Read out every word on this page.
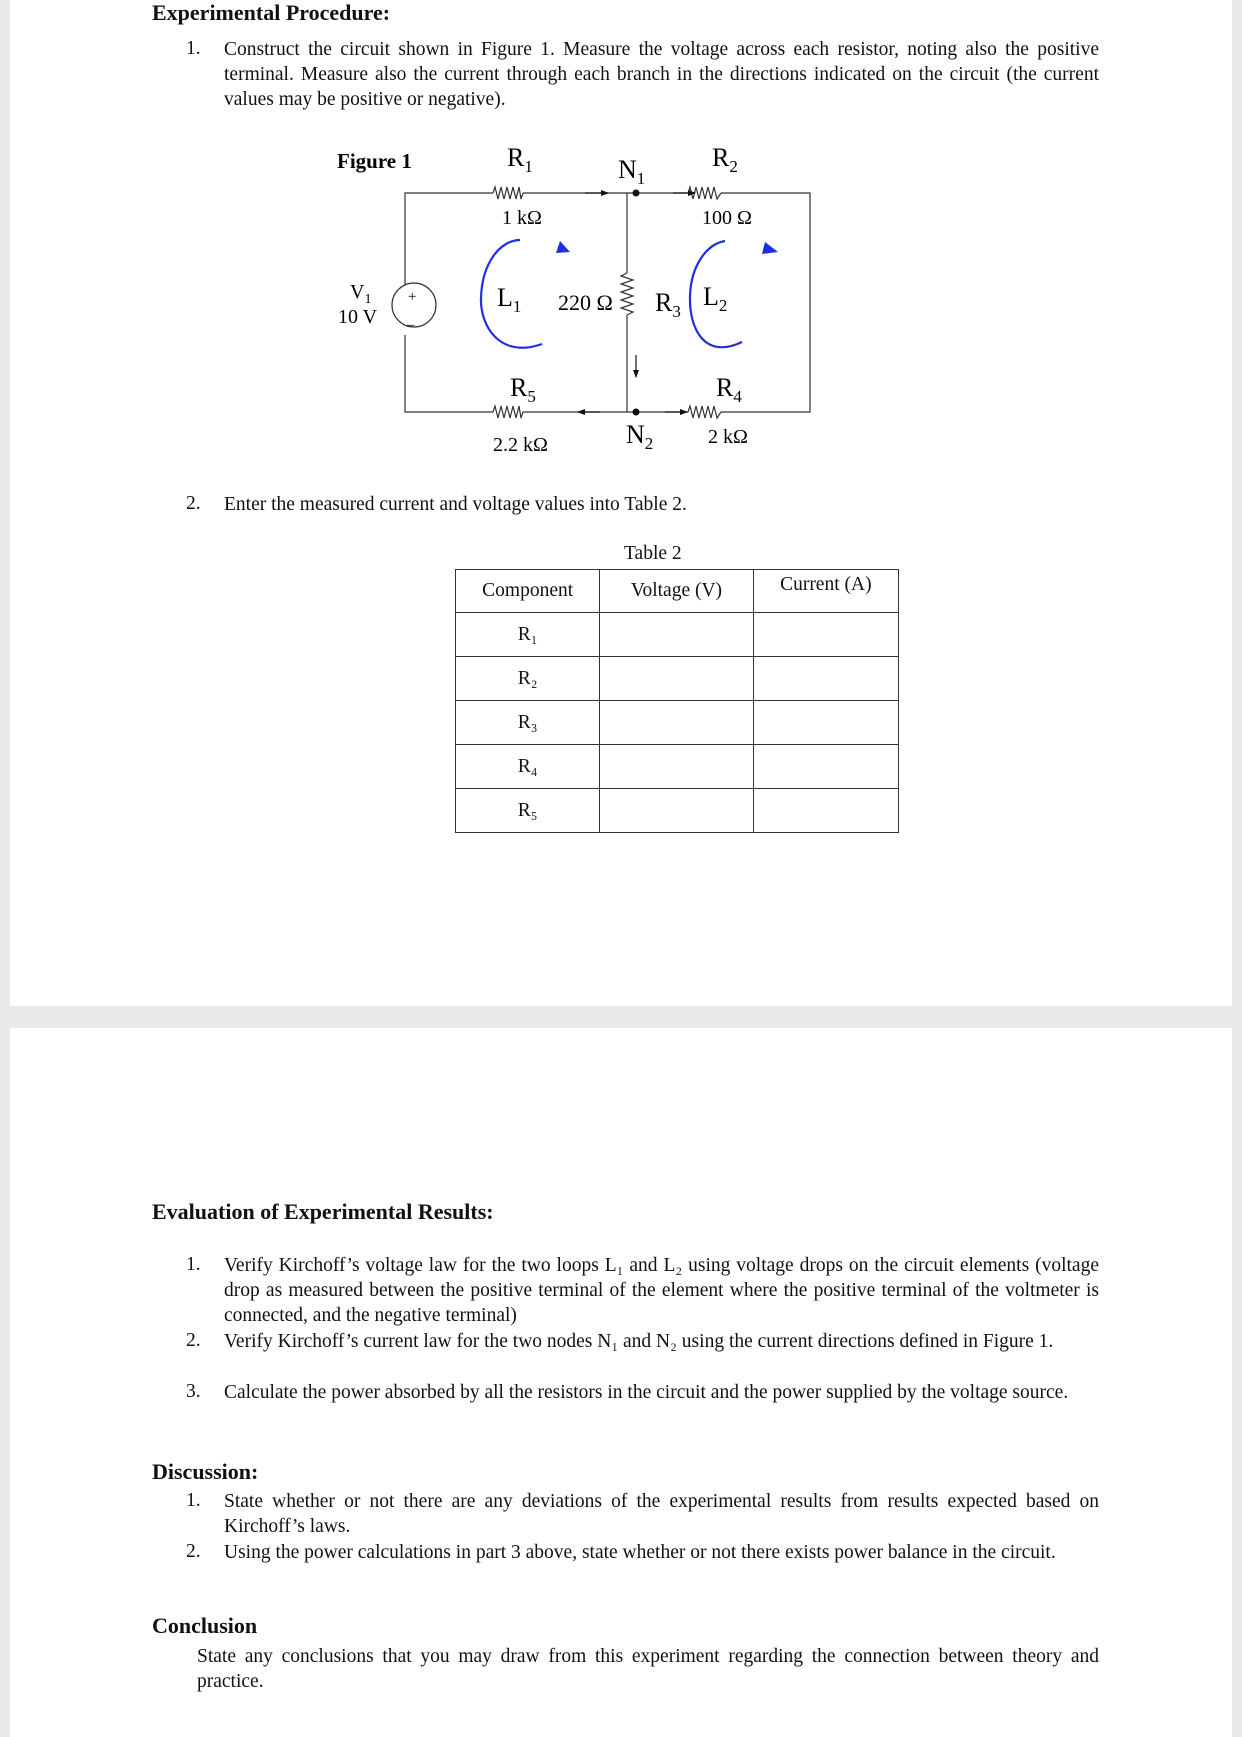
Experimental Procedure:
1. Construct the circuit shown in Figure 1. Measure the voltage across each resistor, noting also the positive terminal. Measure also the current through each branch in the directions indicated on the circuit (the current values may be positive or negative).
Figure 1
+
–
$R_1$
1 kΩ
$N_1$
$R_2$
100 Ω
$V_1$
10 V
$L_1$ 220 Ω $R_3$
$L_2$
$R_5$
2.2 kΩ
$R_4$
2 kΩ
$N_2$
2. Enter the measured current and voltage values into Table 2.
Table 2
Component	Voltage (V)	Current (A)
R₁		
R₂		
R₃		
R₄		
R₅		
Evaluation of Experimental Results:
1. Verify Kirchoff’s voltage law for the two loops L₁ and L₂ using voltage drops on the circuit elements (voltage drop as measured between the positive terminal of the element where the positive terminal of the voltmeter is connected, and the negative terminal)
2. Verify Kirchoff’s current law for the two nodes N₁ and N₂ using the current directions defined in Figure 1.
3. Calculate the power absorbed by all the resistors in the circuit and the power supplied by the voltage source.
Discussion:
1. State whether or not there are any deviations of the experimental results from results expected based on Kirchoff’s laws.
2. Using the power calculations in part 3 above, state whether or not there exists power balance in the circuit.
Conclusion
State any conclusions that you may draw from this experiment regarding the connection between theory and practice.
